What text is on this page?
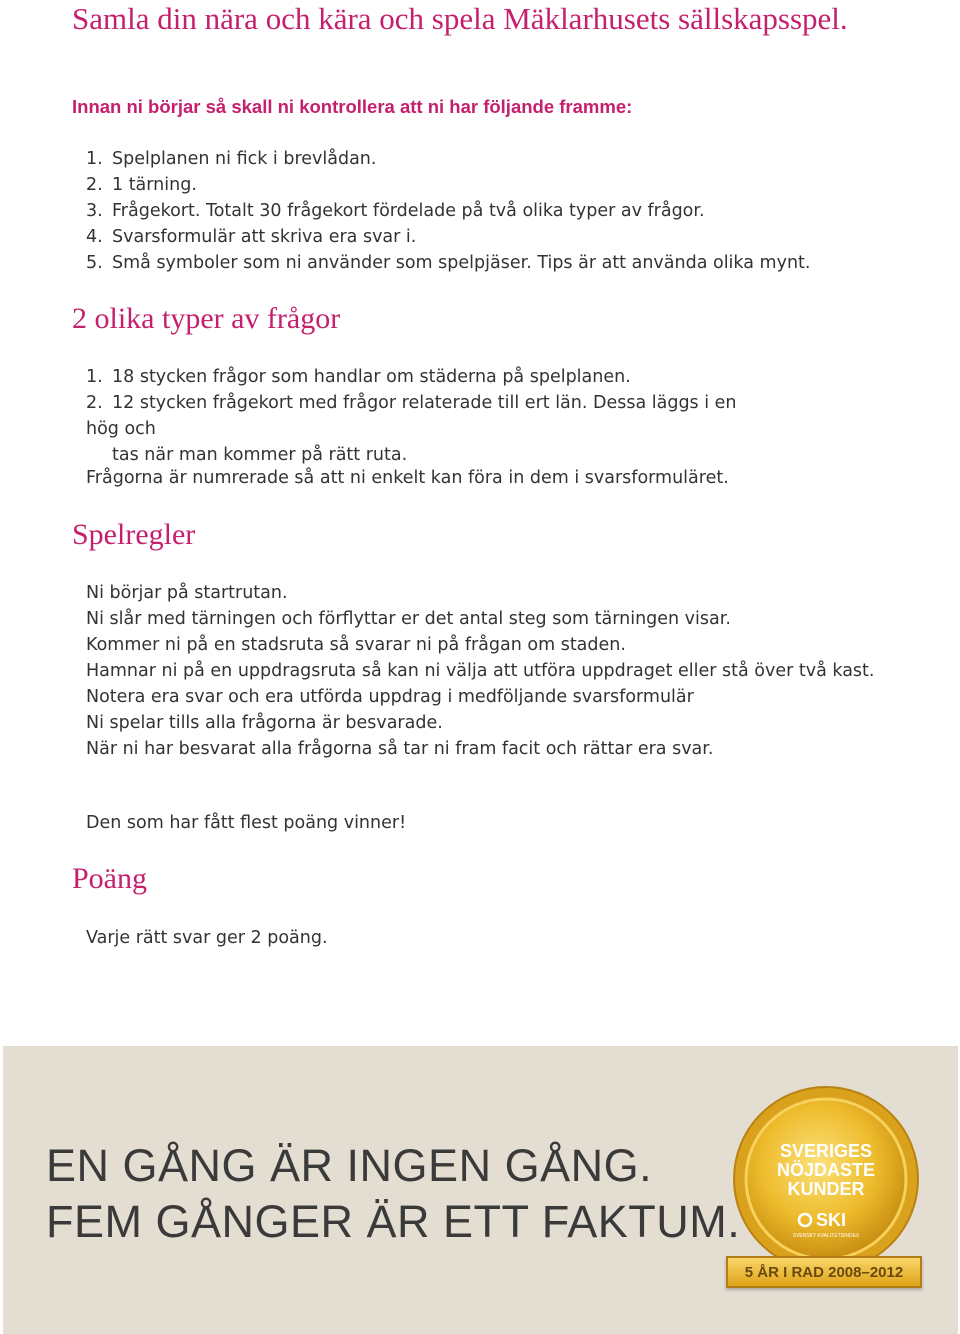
Samla din nära och kära och spela Mäklarhusets sällskapsspel.
Innan ni börjar så skall ni kontrollera att ni har följande framme:
1. Spelplanen ni fick i brevlådan.
2. 1 tärning.
3. Frågekort. Totalt 30 frågekort fördelade på två olika typer av frågor.
4. Svarsformulär att skriva era svar i.
5. Små symboler som ni använder som spelpjäser. Tips är att använda olika mynt.
2 olika typer av frågor
1. 18 stycken frågor som handlar om städerna på spelplanen.
2. 12 stycken frågekort med frågor relaterade till ert län. Dessa läggs i en hög och
tas när man kommer på rätt ruta.

Frågorna är numrerade så att ni enkelt kan föra in dem i svarsformuläret.

Spelregler
Ni börjar på startrutan.
Ni slår med tärningen och förflyttar er det antal steg som tärningen visar.
Kommer ni på en stadsruta så svarar ni på frågan om staden.
Hamnar ni på en uppdragsruta så kan ni välja att utföra uppdraget eller stå över två kast.
Notera era svar och era utförda uppdrag i medföljande svarsformulär
Ni spelar tills alla frågorna är besvarade.
När ni har besvarat alla frågorna så tar ni fram facit och rättar era svar.

Den som har fått flest poäng vinner!

Poäng

Varje rätt svar ger 2 poäng.

EN GÅNG ÄR INGEN GÅNG.
FEM GÅNGER ÄR ETT FAKTUM.
SVERIGES
NÖJDASTE
KUNDER
SKI
SVENSKT KVALITETSINDEX
5 ÅR I RAD 2008–2012
